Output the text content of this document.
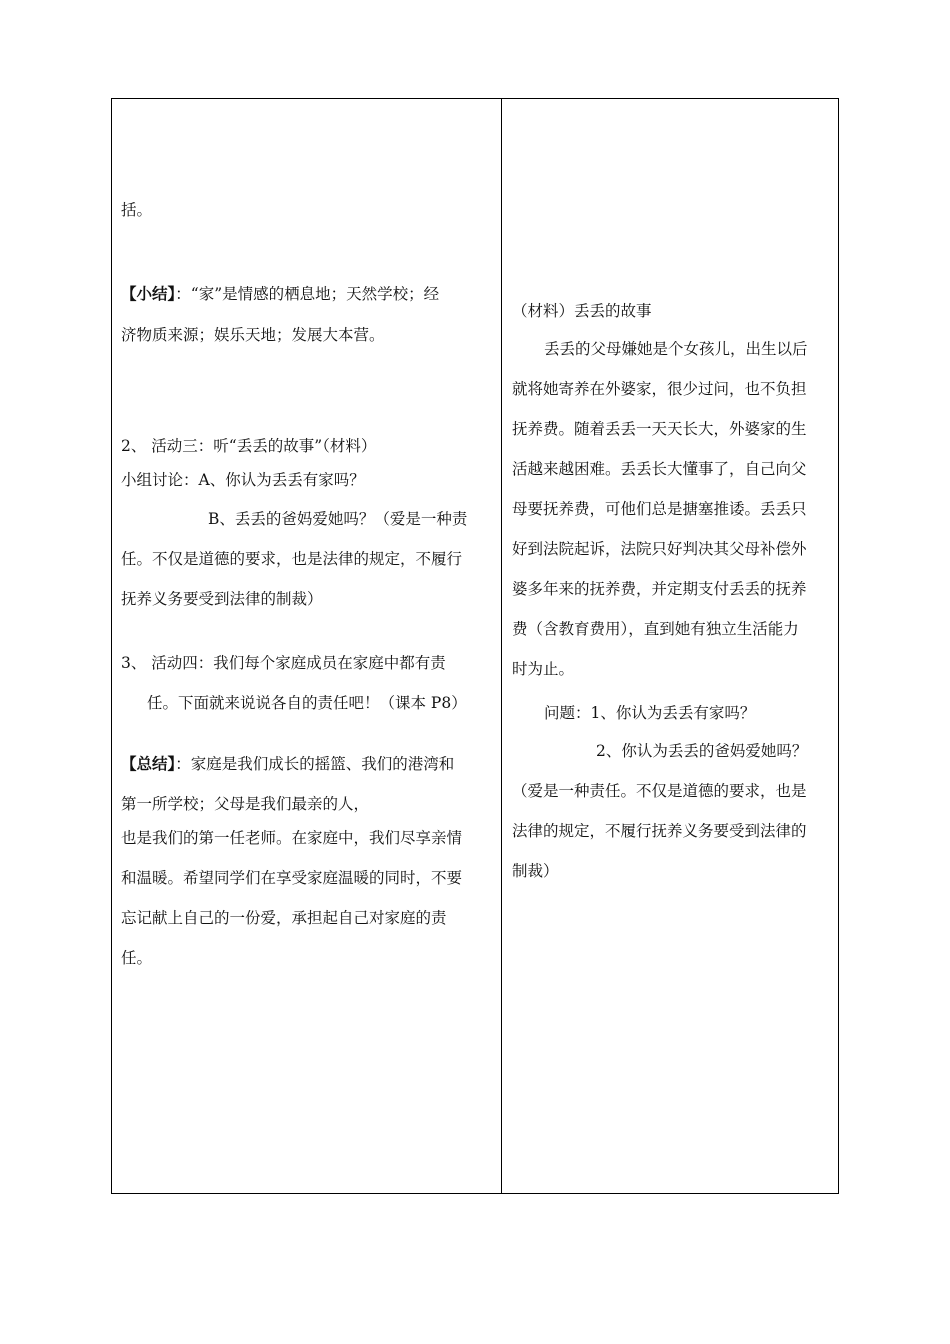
括。
【小结】：“家”是情感的栖息地；天然学校；经
济物质来源；娱乐天地；发展大本营。
2、 活动三：听“丢丢的故事”（材料）
小组讨论：A、你认为丢丢有家吗？
B、丢丢的爸妈爱她吗？（爱是一种责
任。不仅是道德的要求，也是法律的规定，不履行
抚养义务要受到法律的制裁）
3、 活动四：我们每个家庭成员在家庭中都有责
任。下面就来说说各自的责任吧！（课本 P8）
【总结】：家庭是我们成长的摇篮、我们的港湾和
第一所学校；父母是我们最亲的人，
也是我们的第一任老师。在家庭中，我们尽享亲情
和温暖。希望同学们在享受家庭温暖的同时，不要
忘记献上自己的一份爱，承担起自己对家庭的责
任。
（材料）丢丢的故事
丢丢的父母嫌她是个女孩儿，出生以后
就将她寄养在外婆家，很少过问，也不负担
抚养费。随着丢丢一天天长大，外婆家的生
活越来越困难。丢丢长大懂事了，自己向父
母要抚养费，可他们总是搪塞推诿。丢丢只
好到法院起诉，法院只好判决其父母补偿外
婆多年来的抚养费，并定期支付丢丢的抚养
费（含教育费用），直到她有独立生活能力
时为止。
问题：1、你认为丢丢有家吗？
2、你认为丢丢的爸妈爱她吗？
（爱是一种责任。不仅是道德的要求，也是
法律的规定，不履行抚养义务要受到法律的
制裁）
